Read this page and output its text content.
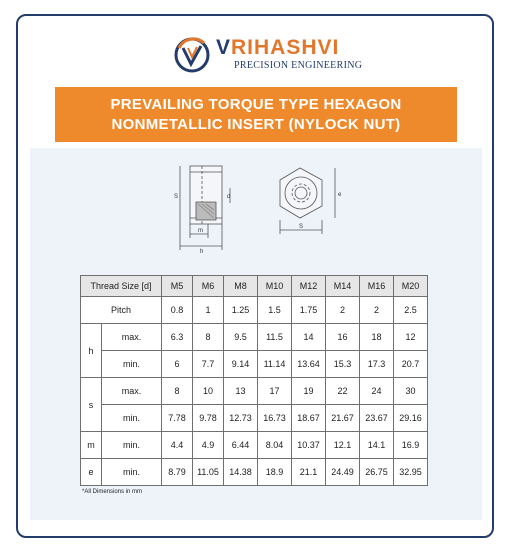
VRIHASHVI
PRECISION ENGINEERING
PREVAILING TORQUE TYPE HEXAGON
NONMETALLIC INSERT (NYLOCK NUT)
S	d
m
h
e
S
Thread Size [d]		M5	M6	M8	M10	M12	M14	M16	M20
Pitch		0.8	1	1.25	1.5	1.75	2	2	2.5
h	max.	6.3	8	9.5	11.5	14	16	18	12
	min.	6	7.7	9.14	11.14	13.64	15.3	17.3	20.7
s	max.	8	10	13	17	19	22	24	30
	min.	7.78	9.78	12.73	16.73	18.67	21.67	23.67	29.16
m	min.	4.4	4.9	6.44	8.04	10.37	12.1	14.1	16.9
e	min.	8.79	11.05	14.38	18.9	21.1	24.49	26.75	32.95
*All Dimensions in mm
